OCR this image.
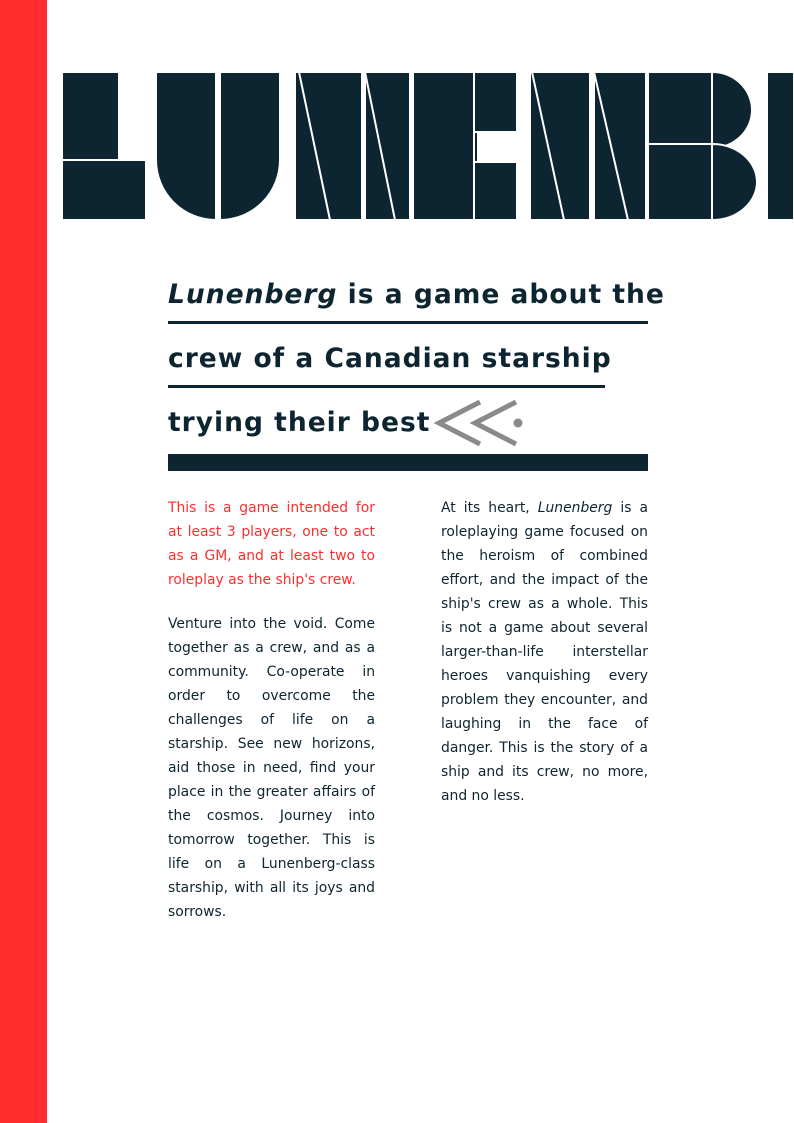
Lunenberg is a game about the
crew of a Canadian starship
trying their best

This is a game intended for at least 3 players, one to act as a GM, and at least two to roleplay as the ship's crew.

Venture into the void. Come together as a crew, and as a community. Co-operate in order to overcome the challenges of life on a starship. See new horizons, aid those in need, find your place in the greater affairs of the cosmos. Journey into tomorrow together. This is life on a Lunenberg-class starship, with all its joys and sorrows.

At its heart, Lunenberg is a roleplaying game focused on the heroism of combined effort, and the impact of the ship's crew as a whole. This is not a game about several larger-than-life interstellar heroes vanquishing every problem they encounter, and laughing in the face of danger. This is the story of a ship and its crew, no more, and no less.
